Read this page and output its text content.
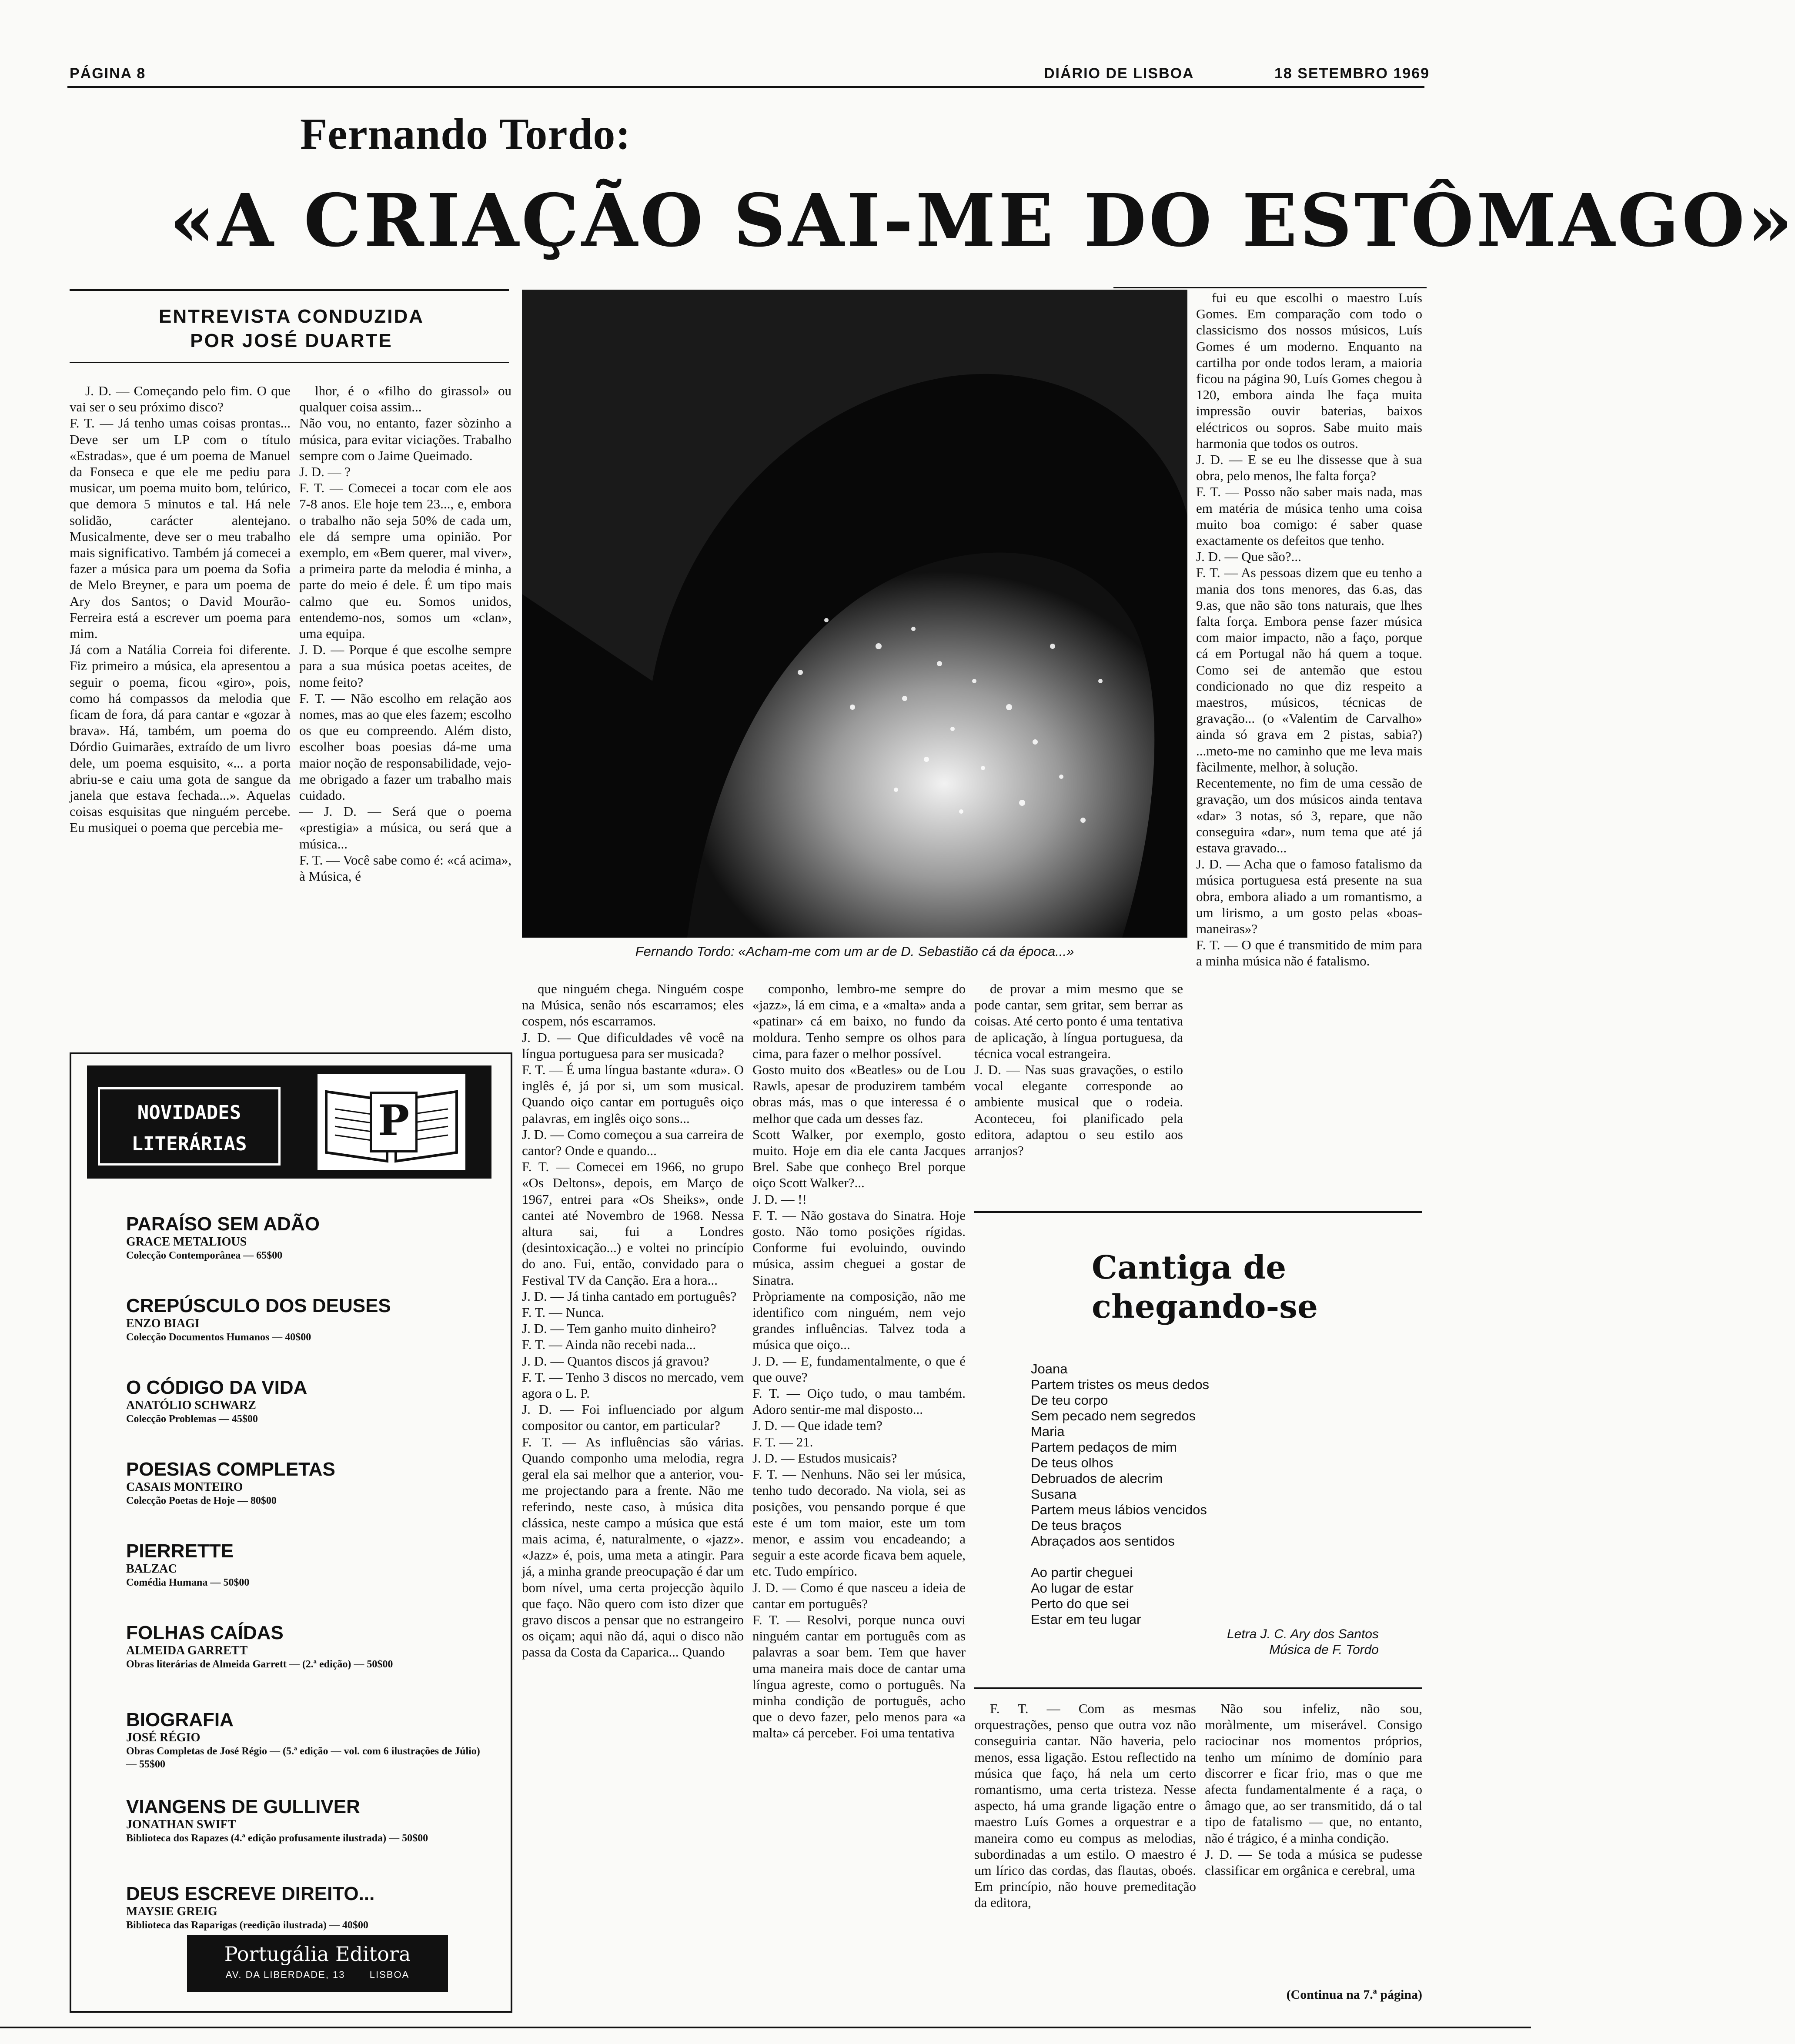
PÁGINA 8	DIÁRIO DE LISBOA	18 SETEMBRO 1969
Fernando Tordo:
«A CRIAÇÃO SAI-ME DO ESTÔMAGO»
ENTREVISTA CONDUZIDA
POR JOSÉ DUARTE
Fernando Tordo: «Acham-me com um ar de D. Sebastião cá da época...»

J. D. — Começando pelo fim. O que vai ser o seu próximo disco?
F. T. — Já tenho umas coisas prontas... Deve ser um LP com o título «Estradas», que é um poema de Manuel da Fonseca e que ele me pediu para musicar, um poema muito bom, telúrico, que demora 5 minutos e tal. Há nele solidão, carácter alentejano. Musicalmente, deve ser o meu trabalho mais significativo. Também já comecei a fazer a música para um poema da Sofia de Melo Breyner, e para um poema de Ary dos Santos; o David Mourão-Ferreira está a escrever um poema para mim.
Já com a Natália Correia foi diferente. Fiz primeiro a música, ela apresentou a seguir o poema, ficou «giro», pois, como há compassos da melodia que ficam de fora, dá para cantar e «gozar à brava». Há, também, um poema do Dórdio Guimarães, extraído de um livro dele, um poema esquisito, «... a porta abriu-se e caiu uma gota de sangue da janela que estava fechada...». Aquelas coisas esquisitas que ninguém percebe. Eu musiquei o poema que percebia me-

lhor, é o «filho do girassol» ou qualquer coisa assim...
Não vou, no entanto, fazer sòzinho a música, para evitar viciações. Trabalho sempre com o Jaime Queimado.
J. D. — ?
F. T. — Comecei a tocar com ele aos 7-8 anos. Ele hoje tem 23..., e, embora o trabalho não seja 50% de cada um, ele dá sempre uma opinião. Por exemplo, em «Bem querer, mal viver», a primeira parte da melodia é minha, a parte do meio é dele. É um tipo mais calmo que eu. Somos unidos, entendemo-nos, somos um «clan», uma equipa.
J. D. — Porque é que escolhe sempre para a sua música poetas aceites, de nome feito?
F. T. — Não escolho em relação aos nomes, mas ao que eles fazem; escolho os que eu compreendo. Além disto, escolher boas poesias dá-me uma maior noção de responsabilidade, vejo-me obrigado a fazer um trabalho mais cuidado.
— J. D. — Será que o poema «prestigia» a música, ou será que a música...
F. T. — Você sabe como é: «cá acima», à Música, é

que ninguém chega. Ninguém cospe na Música, senão nós escarramos; eles cospem, nós escarramos.
J. D. — Que dificuldades vê você na língua portuguesa para ser musicada?
F. T. — É uma língua bastante «dura». O inglês é, já por si, um som musical. Quando oiço cantar em português oiço palavras, em inglês oiço sons...
J. D. — Como começou a sua carreira de cantor? Onde e quando...
F. T. — Comecei em 1966, no grupo «Os Deltons», depois, em Março de 1967, entrei para «Os Sheiks», onde cantei até Novembro de 1968. Nessa altura sai, fui a Londres (desintoxicação...) e voltei no princípio do ano. Fui, então, convidado para o Festival TV da Canção. Era a hora...
J. D. — Já tinha cantado em português?
F. T. — Nunca.
J. D. — Tem ganho muito dinheiro?
F. T. — Ainda não recebi nada...
J. D. — Quantos discos já gravou?
F. T. — Tenho 3 discos no mercado, vem agora o L. P.
J. D. — Foi influenciado por algum compositor ou cantor, em particular?
F. T. — As influências são várias. Quando componho uma melodia, regra geral ela sai melhor que a anterior, vou-me projectando para a frente. Não me referindo, neste caso, à música dita clássica, neste campo a música que está mais acima, é, naturalmente, o «jazz». «Jazz» é, pois, uma meta a atingir. Para já, a minha grande preocupação é dar um bom nível, uma certa projecção àquilo que faço. Não quero com isto dizer que gravo discos a pensar que no estrangeiro os oiçam; aqui não dá, aqui o disco não passa da Costa da Caparica... Quando

componho, lembro-me sempre do «jazz», lá em cima, e a «malta» anda a «patinar» cá em baixo, no fundo da moldura. Tenho sempre os olhos para cima, para fazer o melhor possível.
Gosto muito dos «Beatles» ou de Lou Rawls, apesar de produzirem também obras más, mas o que interessa é o melhor que cada um desses faz.
Scott Walker, por exemplo, gosto muito. Hoje em dia ele canta Jacques Brel. Sabe que conheço Brel porque oiço Scott Walker?...
J. D. — !!
F. T. — Não gostava do Sinatra. Hoje gosto. Não tomo posições rígidas. Conforme fui evoluindo, ouvindo música, assim cheguei a gostar de Sinatra.
Pròpriamente na composição, não me identifico com ninguém, nem vejo grandes influências. Talvez toda a música que oiço...
J. D. — E, fundamentalmente, o que é que ouve?
F. T. — Oiço tudo, o mau também. Adoro sentir-me mal disposto...
J. D. — Que idade tem?
F. T. — 21.
J. D. — Estudos musicais?
F. T. — Nenhuns. Não sei ler música, tenho tudo decorado. Na viola, sei as posições, vou pensando porque é que este é um tom maior, este um tom menor, e assim vou encadeando; a seguir a este acorde ficava bem aquele, etc. Tudo empírico.
J. D. — Como é que nasceu a ideia de cantar em português?
F. T. — Resolvi, porque nunca ouvi ninguém cantar em português com as palavras a soar bem. Tem que haver uma maneira mais doce de cantar uma língua agreste, como o português. Na minha condição de português, acho que o devo fazer, pelo menos para «a malta» cá perceber. Foi uma tentativa

de provar a mim mesmo que se pode cantar, sem gritar, sem berrar as coisas. Até certo ponto é uma tentativa de aplicação, à língua portuguesa, da técnica vocal estrangeira.
J. D. — Nas suas gravações, o estilo vocal elegante corresponde ao ambiente musical que o rodeia. Aconteceu, foi planificado pela editora, adaptou o seu estilo aos arranjos?

fui eu que escolhi o maestro Luís Gomes. Em comparação com todo o classicismo dos nossos músicos, Luís Gomes é um moderno. Enquanto na cartilha por onde todos leram, a maioria ficou na página 90, Luís Gomes chegou à 120, embora ainda lhe faça muita impressão ouvir baterias, baixos eléctricos ou sopros. Sabe muito mais harmonia que todos os outros.
J. D. — E se eu lhe dissesse que à sua obra, pelo menos, lhe falta força?
F. T. — Posso não saber mais nada, mas em matéria de música tenho uma coisa muito boa comigo: é saber quase exactamente os defeitos que tenho.
J. D. — Que são?...
F. T. — As pessoas dizem que eu tenho a mania dos tons menores, das 6.as, das 9.as, que não são tons naturais, que lhes falta força. Embora pense fazer música com maior impacto, não a faço, porque cá em Portugal não há quem a toque. Como sei de antemão que estou condicionado no que diz respeito a maestros, músicos, técnicas de gravação... (o «Valentim de Carvalho» ainda só grava em 2 pistas, sabia?) ...meto-me no caminho que me leva mais fàcilmente, melhor, à solução.
Recentemente, no fim de uma cessão de gravação, um dos músicos ainda tentava «dar» 3 notas, só 3, repare, que não conseguira «dar», num tema que até já estava gravado...
J. D. — Acha que o famoso fatalismo da música portuguesa está presente na sua obra, embora aliado a um romantismo, a um lirismo, a um gosto pelas «boas-maneiras»?
F. T. — O que é transmitido de mim para a minha música não é fatalismo.

Cantiga de
chegando-se
Joana
Partem tristes os meus dedos
De teu corpo
Sem pecado nem segredos
Maria
Partem pedaços de mim
De teus olhos
Debruados de alecrim
Susana
Partem meus lábios vencidos
De teus braços
Abraçados aos sentidos

Ao partir cheguei
Ao lugar de estar
Perto do que sei
Estar em teu lugar
Letra J. C. Ary dos Santos
Música de F. Tordo

F. T. — Com as mesmas orquestrações, penso que outra voz não conseguiria cantar. Não haveria, pelo menos, essa ligação. Estou reflectido na música que faço, há nela um certo romantismo, uma certa tristeza. Nesse aspecto, há uma grande ligação entre o maestro Luís Gomes a orquestrar e a maneira como eu compus as melodias, subordinadas a um estilo. O maestro é um lírico das cordas, das flautas, oboés. Em princípio, não houve premeditação da editora,

Não sou infeliz, não sou, moràlmente, um miserável. Consigo raciocinar nos momentos próprios, tenho um mínimo de domínio para discorrer e ficar frio, mas o que me afecta fundamentalmente é a raça, o âmago que, ao ser transmitido, dá o tal tipo de fatalismo — que, no entanto, não é trágico, é a minha condição.
J. D. — Se toda a música se pudesse classificar em orgânica e cerebral, uma

(Continua na 7.ª página)
NOVIDADES
LITERÁRIAS	P
PARAÍSO SEM ADÃO
GRACE METALIOUS
Colecção Contemporânea — 65$00
CREPÚSCULO DOS DEUSES
ENZO BIAGI
Colecção Documentos Humanos — 40$00
O CÓDIGO DA VIDA
ANATÓLIO SCHWARZ
Colecção Problemas — 45$00
POESIAS COMPLETAS
CASAIS MONTEIRO
Colecção Poetas de Hoje — 80$00
PIERRETTE
BALZAC
Comédia Humana — 50$00
FOLHAS CAÍDAS
ALMEIDA GARRETT
Obras literárias de Almeida Garrett — (2.ª edição) — 50$00
BIOGRAFIA
JOSÉ RÉGIO
Obras Completas de José Régio — (5.ª edição — vol. com 6 ilustrações de Júlio) — 55$00
VIANGENS DE GULLIVER
JONATHAN SWIFT
Biblioteca dos Rapazes (4.ª edição profusamente ilustrada) — 50$00
DEUS ESCREVE DIREITO...
MAYSIE GREIG
Biblioteca das Raparigas (reedição ilustrada) — 40$00
Portugália Editora
AV. DA LIBERDADE, 13	LISBOA
